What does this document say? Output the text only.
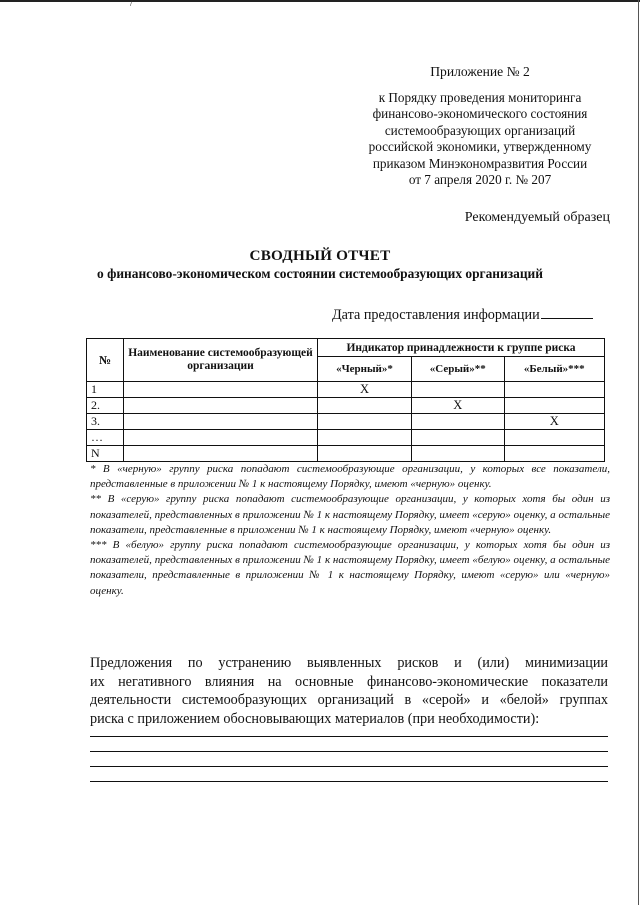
/
Приложение № 2
к Порядку проведения мониторинга
финансово-экономического состояния
системообразующих организаций
российской экономики, утвержденному
приказом Минэкономразвития России
от 7 апреля 2020 г. № 207
Рекомендуемый образец
СВОДНЫЙ ОТЧЕТ
о финансово-экономическом состоянии системообразующих организаций
Дата предоставления информации
№	Наименование системообразующей организации	Индикатор принадлежности к группе риска		
		«Черный»*	«Серый»**	«Белый»***
1		X		
2.			X	
3.				X
…				
N				

* В «черную» группу риска попадают системообразующие организации, у которых все показатели, представленные в приложении № 1 к настоящему Порядку, имеют «черную» оценку.

** В «серую» группу риска попадают системообразующие организации, у которых хотя бы один из показателей, представленных в приложении № 1 к настоящему Порядку, имеет «серую» оценку, а остальные показатели, представленные в приложении № 1 к настоящему Порядку, имеют «черную» оценку.

*** В «белую» группу риска попадают системообразующие организации, у которых хотя бы один из показателей, представленных в приложении № 1 к настоящему Порядку, имеет «белую» оценку, а остальные показатели, представленные в приложении № 1 к настоящему Порядку, имеют «серую» или «черную» оценку.

Предложения по устранению выявленных рисков и (или) минимизации
их негативного влияния на основные финансово-экономические показатели
деятельности системообразующих организаций в «серой» и «белой» группах
риска с приложением обосновывающих материалов (при необходимости):
